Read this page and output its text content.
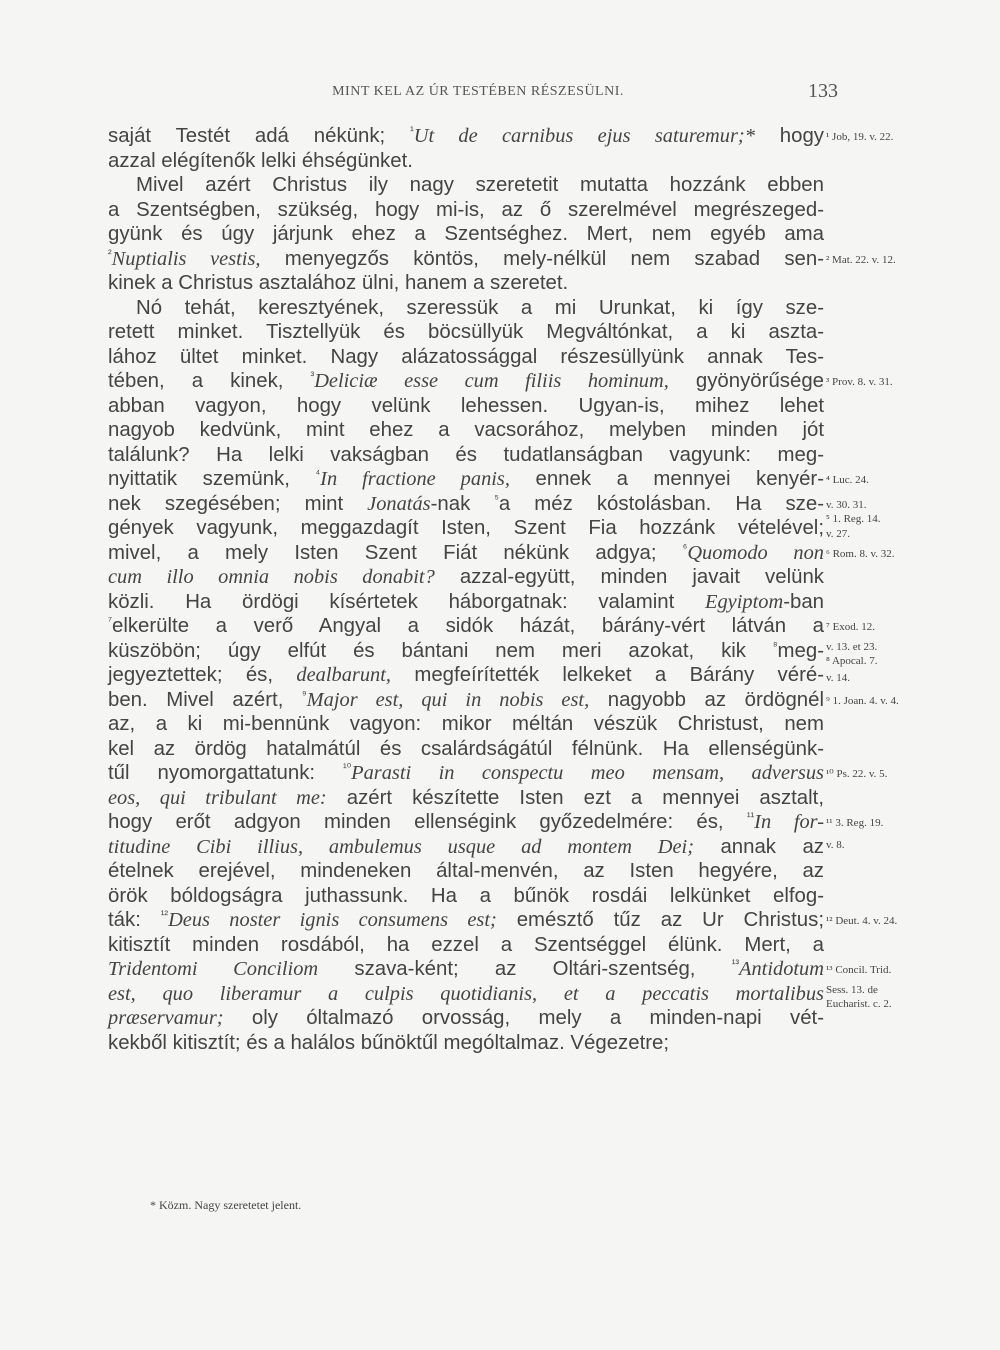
MINT KEL AZ ÚR TESTÉBEN RÉSZESÜLNI.	133
saját Testét adá nékünk; $^{^1}$Ut de carnibus ejus saturemur;* hogy
azzal elégítenők lelki éhségünket.
Mivel azért Christus ily nagy szeretetit mutatta hozzánk ebben
a Szentségben, szükség, hogy mi-is, az ő szerelmével megrészeged-
gyünk és úgy járjunk ehez a Szentséghez. Mert, nem egyéb ama
$^{^2}$Nuptialis vestis, menyegzős köntös, mely-nélkül nem szabad sen-
kinek a Christus asztalához ülni, hanem a szeretet.
Nó tehát, keresztyének, szeressük a mi Urunkat, ki így sze-
retett minket. Tisztellyük és böcsüllyük Megváltónkat, a ki aszta-
lához ültet minket. Nagy alázatossággal részesüllyünk annak Tes-
tében, a kinek, $^{^3}$Deliciæ esse cum filiis hominum, gyönyörűsége
abban vagyon, hogy velünk lehessen. Ugyan-is, mihez lehet
nagyob kedvünk, mint ehez a vacsorához, melyben minden jót
találunk? Ha lelki vakságban és tudatlanságban vagyunk: meg-
nyittatik szemünk, $^{^4}$In fractione panis, ennek a mennyei kenyér-
nek szegésében; mint Jonatás-nak $^{^5}$a méz kóstolásban. Ha sze-
gények vagyunk, meggazdagít Isten, Szent Fia hozzánk vételével;
mivel, a mely Isten Szent Fiát nékünk adgya; $^{^6}$Quomodo non
cum illo omnia nobis donabit? azzal-együtt, minden javait velünk
közli. Ha ördögi kísértetek háborgatnak: valamint Egyiptom-ban
$^{^7}$elkerülte a verő Angyal a sidók házát, bárány-vért látván a
küszöbön; úgy elfút és bántani nem meri azokat, kik $^{^8}$meg-
jegyeztettek; és, dealbarunt, megfeírítették lelkeket a Bárány véré-
ben. Mivel azért, $^{^9}$Major est, qui in nobis est, nagyobb az ördögnél
az, a ki mi-bennünk vagyon: mikor méltán vészük Christust, nem
kel az ördög hatalmátúl és csalárdságátúl félnünk. Ha ellenségünk-
tűl nyomorgattatunk: $^{^{10}}$Parasti in conspectu meo mensam, adversus
eos, qui tribulant me: azért készítette Isten ezt a mennyei asztalt,
hogy erőt adgyon minden ellenségink győzedelmére: és, $^{^{11}}$In for-
titudine Cibi illius, ambulemus usque ad montem Dei; annak az
ételnek erejével, mindeneken által-menvén, az Isten hegyére, az
örök bóldogságra juthassunk. Ha a bűnök rosdái lelkünket elfog-
ták: $^{^{12}}$Deus noster ignis consumens est; emésztő tűz az Ur Christus;
kitisztít minden rosdából, ha ezzel a Szentséggel élünk. Mert, a
Tridentomi Conciliom szava-ként; az Oltári-szentség, $^{^{13}}$Antidotum
est, quo liberamur a culpis quotidianis, et a peccatis mortalibus
præservamur; oly óltalmazó orvosság, mely a minden-napi vét-
kekből kitisztít; és a halálos bűnöktűl mególtalmaz. Végezetre;
¹ Job, 19. v. 22.
² Mat. 22. v. 12.
³ Prov. 8. v. 31.
⁴ Luc. 24.
v. 30. 31.
⁵ 1. Reg. 14.
v. 27.
⁶ Rom. 8. v. 32.
⁷ Exod. 12.
v. 13. et 23.
⁸ Apocal. 7.
v. 14.
⁹ 1. Joan. 4. v. 4.
¹⁰ Ps. 22. v. 5.
¹¹ 3. Reg. 19.
v. 8.
¹² Deut. 4. v. 24.
¹³ Concil. Trid.
Sess. 13. de
Eucharist. c. 2.
* Közm. Nagy szeretetet jelent.
